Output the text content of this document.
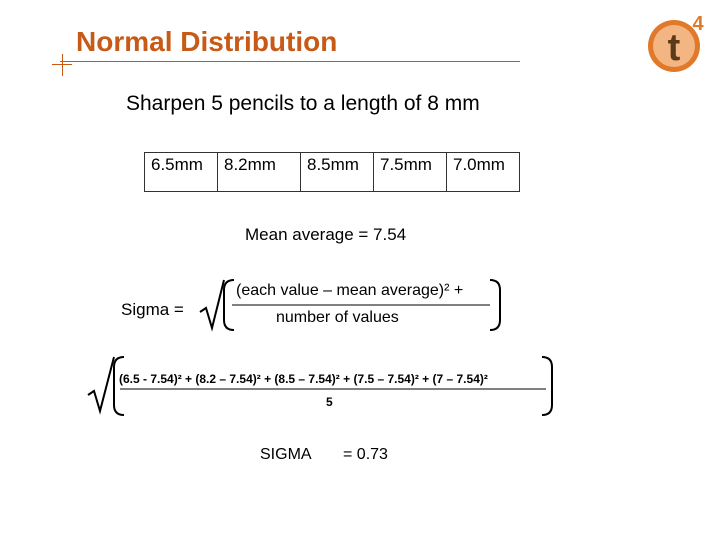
Normal Distribution	t
4
Sharpen 5 pencils to a length of 8 mm
6.5mm	8.2mm	8.5mm	7.5mm	7.0mm
Mean average = 7.54
Sigma =
(each value – mean average)² +
number of values
(6.5 - 7.54)² + (8.2 – 7.54)² + (8.5 – 7.54)² + (7.5 – 7.54)² + (7 – 7.54)²
5
SIGMA = 0.73
